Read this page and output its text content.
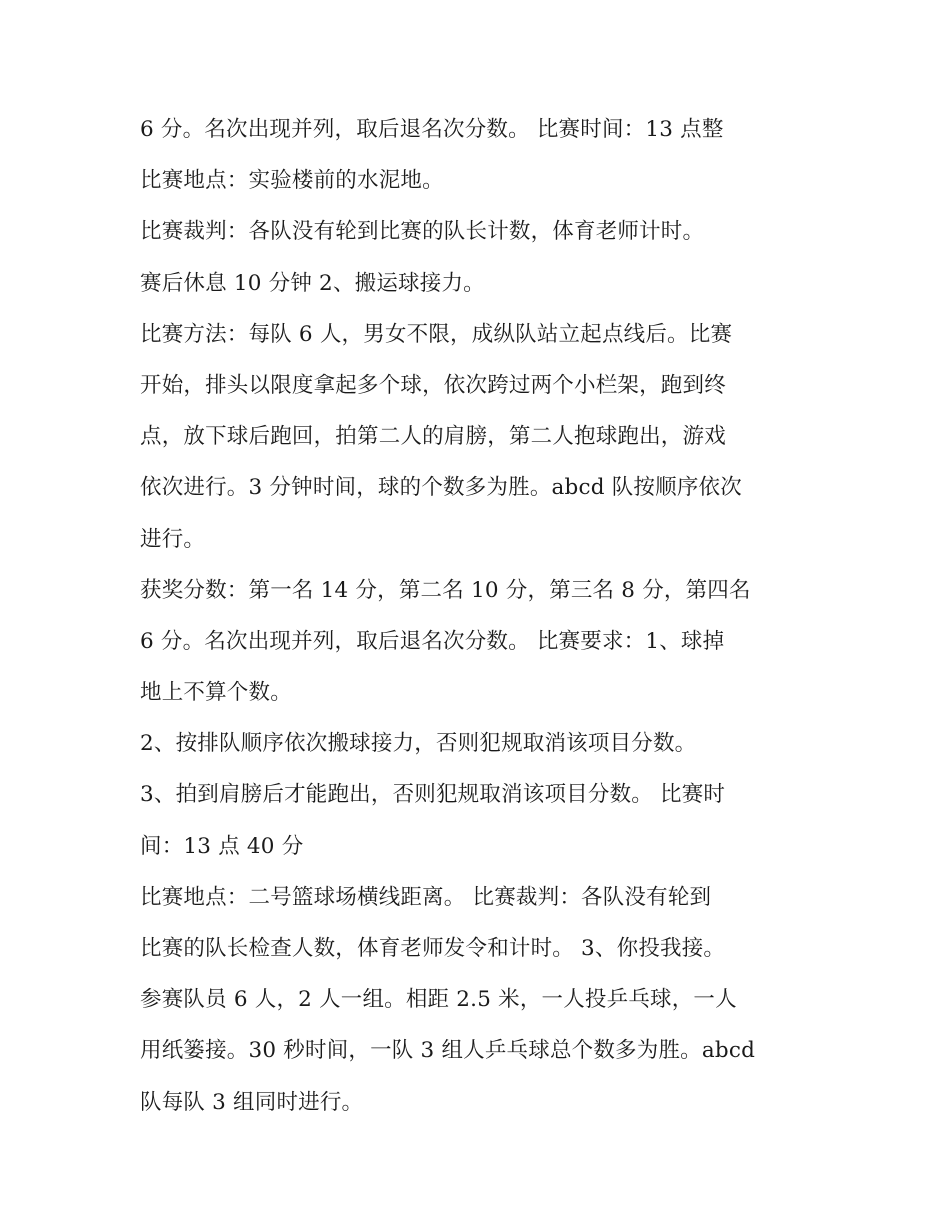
6 分。名次出现并列，取后退名次分数。 比赛时间：13 点整
比赛地点：实验楼前的水泥地。
比赛裁判：各队没有轮到比赛的队长计数，体育老师计时。
赛后休息 10 分钟 2、搬运球接力。
比赛方法：每队 6 人，男女不限，成纵队站立起点线后。比赛
开始，排头以限度拿起多个球，依次跨过两个小栏架，跑到终
点，放下球后跑回，拍第二人的肩膀，第二人抱球跑出，游戏
依次进行。3 分钟时间，球的个数多为胜。abcd 队按顺序依次
进行。
获奖分数：第一名 14 分，第二名 10 分，第三名 8 分，第四名
6 分。名次出现并列，取后退名次分数。 比赛要求：1、球掉
地上不算个数。
2、按排队顺序依次搬球接力，否则犯规取消该项目分数。
3、拍到肩膀后才能跑出，否则犯规取消该项目分数。 比赛时
间：13 点 40 分
比赛地点：二号篮球场横线距离。 比赛裁判：各队没有轮到
比赛的队长检查人数，体育老师发令和计时。 3、你投我接。
参赛队员 6 人，2 人一组。相距 2.5 米，一人投乒乓球，一人
用纸篓接。30 秒时间，一队 3 组人乒乓球总个数多为胜。abcd
队每队 3 组同时进行。
